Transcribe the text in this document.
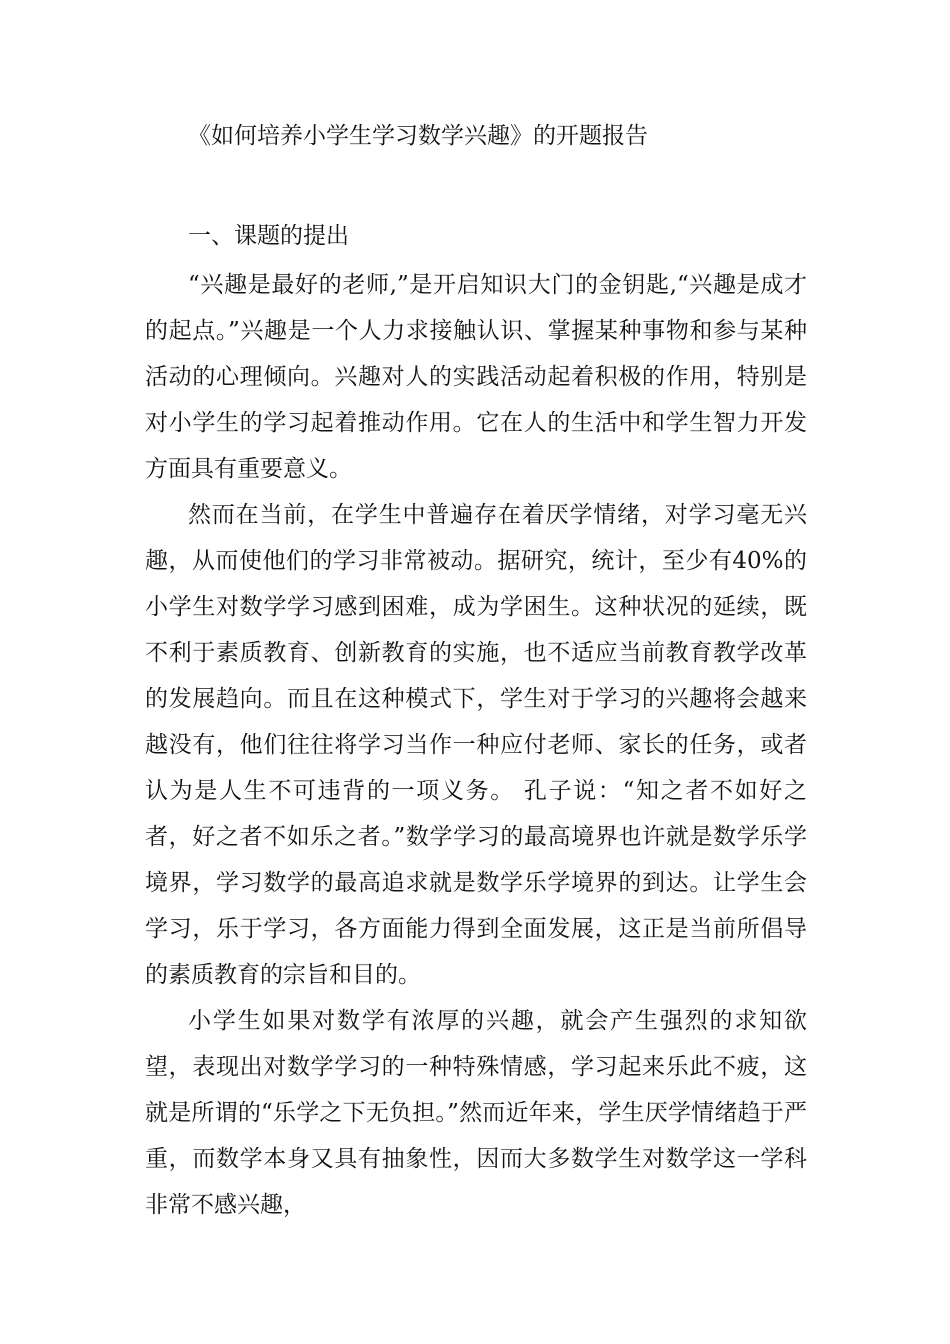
《如何培养小学生学习数学兴趣》的开题报告
一、课题的提出

“兴趣是最好的老师,”是开启知识大门的金钥匙,“兴趣是成才的起点。”兴趣是一个人力求接触认识、掌握某种事物和参与某种活动的心理倾向。兴趣对人的实践活动起着积极的作用，特别是对小学生的学习起着推动作用。它在人的生活中和学生智力开发方面具有重要意义。

然而在当前，在学生中普遍存在着厌学情绪，对学习毫无兴趣，从而使他们的学习非常被动。据研究，统计，至少有40%的小学生对数学学习感到困难，成为学困生。这种状况的延续，既不利于素质教育、创新教育的实施，也不适应当前教育教学改革的发展趋向。而且在这种模式下，学生对于学习的兴趣将会越来越没有，他们往往将学习当作一种应付老师、家长的任务，或者认为是人生不可违背的一项义务。 孔子说：“知之者不如好之者，好之者不如乐之者。”数学学习的最高境界也许就是数学乐学境界，学习数学的最高追求就是数学乐学境界的到达。让学生会学习，乐于学习，各方面能力得到全面发展，这正是当前所倡导的素质教育的宗旨和目的。

小学生如果对数学有浓厚的兴趣，就会产生强烈的求知欲望，表现出对数学学习的一种特殊情感，学习起来乐此不疲，这就是所谓的“乐学之下无负担。”然而近年来，学生厌学情绪趋于严重，而数学本身又具有抽象性，因而大多数学生对数学这一学科非常不感兴趣，
